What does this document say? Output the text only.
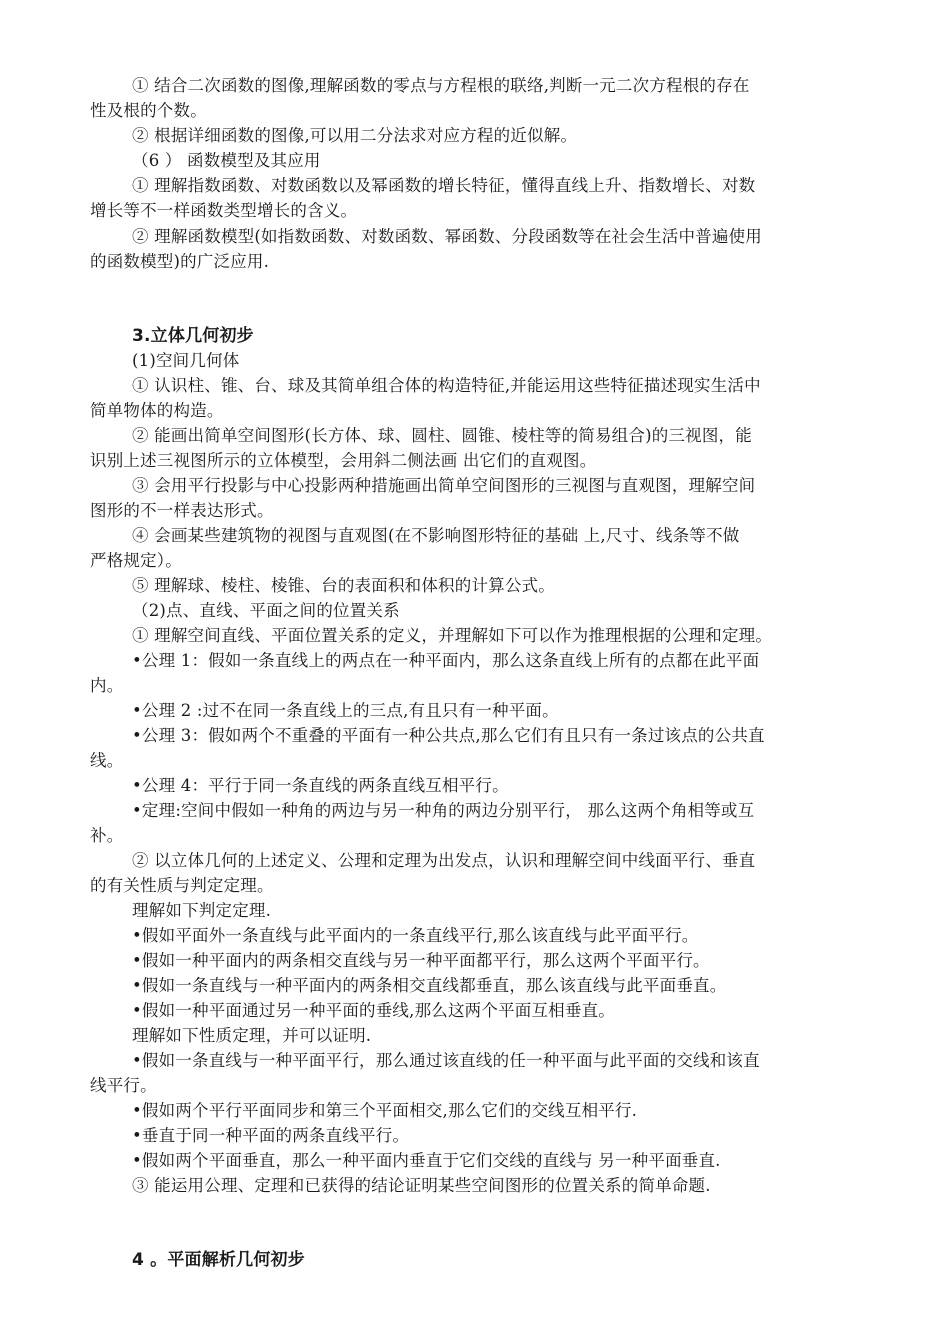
① 结合二次函数的图像,理解函数的零点与方程根的联络,判断一元二次方程根的存在
性及根的个数。
② 根据详细函数的图像,可以用二分法求对应方程的近似解。
（6 ） 函数模型及其应用
① 理解指数函数、对数函数以及幂函数的增长特征，懂得直线上升、指数增长、对数
增长等不一样函数类型增长的含义。
② 理解函数模型(如指数函数、对数函数、幂函数、分段函数等在社会生活中普遍使用
的函数模型)的广泛应用.
3.立体几何初步
(1)空间几何体
① 认识柱、锥、台、球及其简单组合体的构造特征,并能运用这些特征描述现实生活中
简单物体的构造。
② 能画出简单空间图形(长方体、球、圆柱、圆锥、棱柱等的简易组合)的三视图，能
识别上述三视图所示的立体模型，会用斜二侧法画 出它们的直观图。
③ 会用平行投影与中心投影两种措施画出简单空间图形的三视图与直观图，理解空间
图形的不一样表达形式。
④ 会画某些建筑物的视图与直观图(在不影响图形特征的基础 上,尺寸、线条等不做
严格规定）。
⑤ 理解球、棱柱、棱锥、台的表面积和体积的计算公式。
（2)点、直线、平面之间的位置关系
① 理解空间直线、平面位置关系的定义，并理解如下可以作为推理根据的公理和定理。
•公理 1：假如一条直线上的两点在一种平面内，那么这条直线上所有的点都在此平面
内。
•公理 2 :过不在同一条直线上的三点,有且只有一种平面。
•公理 3：假如两个不重叠的平面有一种公共点,那么它们有且只有一条过该点的公共直
线。
•公理 4：平行于同一条直线的两条直线互相平行。
•定理:空间中假如一种角的两边与另一种角的两边分别平行， 那么这两个角相等或互
补。
② 以立体几何的上述定义、公理和定理为出发点，认识和理解空间中线面平行、垂直
的有关性质与判定定理。
理解如下判定定理.
•假如平面外一条直线与此平面内的一条直线平行,那么该直线与此平面平行。
•假如一种平面内的两条相交直线与另一种平面都平行，那么这两个平面平行。
•假如一条直线与一种平面内的两条相交直线都垂直，那么该直线与此平面垂直。
•假如一种平面通过另一种平面的垂线,那么这两个平面互相垂直。
理解如下性质定理，并可以证明.
•假如一条直线与一种平面平行，那么通过该直线的任一种平面与此平面的交线和该直
线平行。
•假如两个平行平面同步和第三个平面相交,那么它们的交线互相平行.
•垂直于同一种平面的两条直线平行。
•假如两个平面垂直，那么一种平面内垂直于它们交线的直线与 另一种平面垂直.
③ 能运用公理、定理和已获得的结论证明某些空间图形的位置关系的简单命题.
4 。平面解析几何初步
